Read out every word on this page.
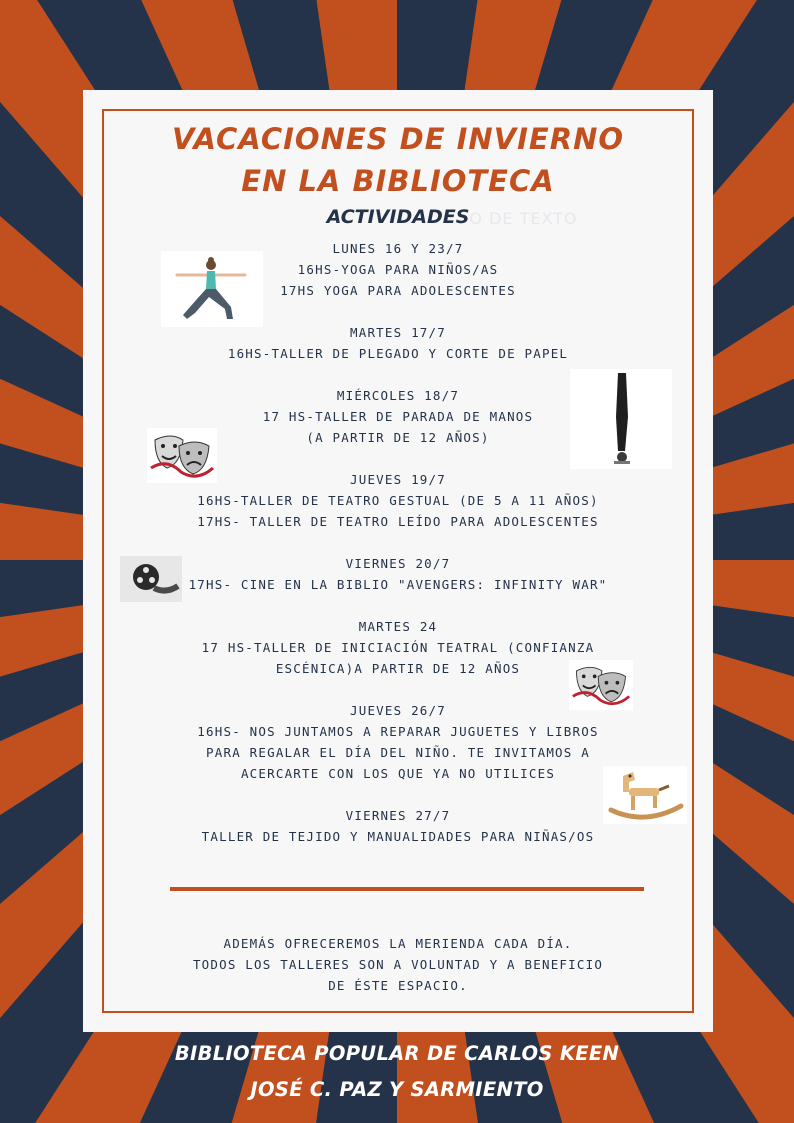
VACACIONES DE INVIERNO
EN LA BIBLIOTECA
ACTIVIDADES O DE TEXTO
LUNES 16 Y 23/7
16HS-YOGA PARA NIÑOS/AS
17HS YOGA PARA ADOLESCENTES
MARTES 17/7
16HS-TALLER DE PLEGADO Y CORTE DE PAPEL
MIÉRCOLES 18/7
17 HS-TALLER DE PARADA DE MANOS
(A PARTIR DE 12 AÑOS)
JUEVES 19/7
16HS-TALLER DE TEATRO GESTUAL (DE 5 A 11 AÑOS)
17HS- TALLER DE TEATRO LEÍDO PARA ADOLESCENTES
VIERNES 20/7
17HS- CINE EN LA BIBLIO "AVENGERS: INFINITY WAR"
MARTES 24
17 HS-TALLER DE INICIACIÓN TEATRAL (CONFIANZA
ESCÉNICA)A PARTIR DE 12 AÑOS
JUEVES 26/7
16HS- NOS JUNTAMOS A REPARAR JUGUETES Y LIBROS
PARA REGALAR EL DÍA DEL NIÑO. TE INVITAMOS A
ACERCARTE CON LOS QUE YA NO UTILICES
VIERNES 27/7
TALLER DE TEJIDO Y MANUALIDADES PARA NIÑAS/OS
ADEMÁS OFRECEREMOS LA MERIENDA CADA DÍA.
TODOS LOS TALLERES SON A VOLUNTAD Y A BENEFICIO
DE ÉSTE ESPACIO.
BIBLIOTECA POPULAR DE CARLOS KEEN
JOSÉ C. PAZ Y SARMIENTO
